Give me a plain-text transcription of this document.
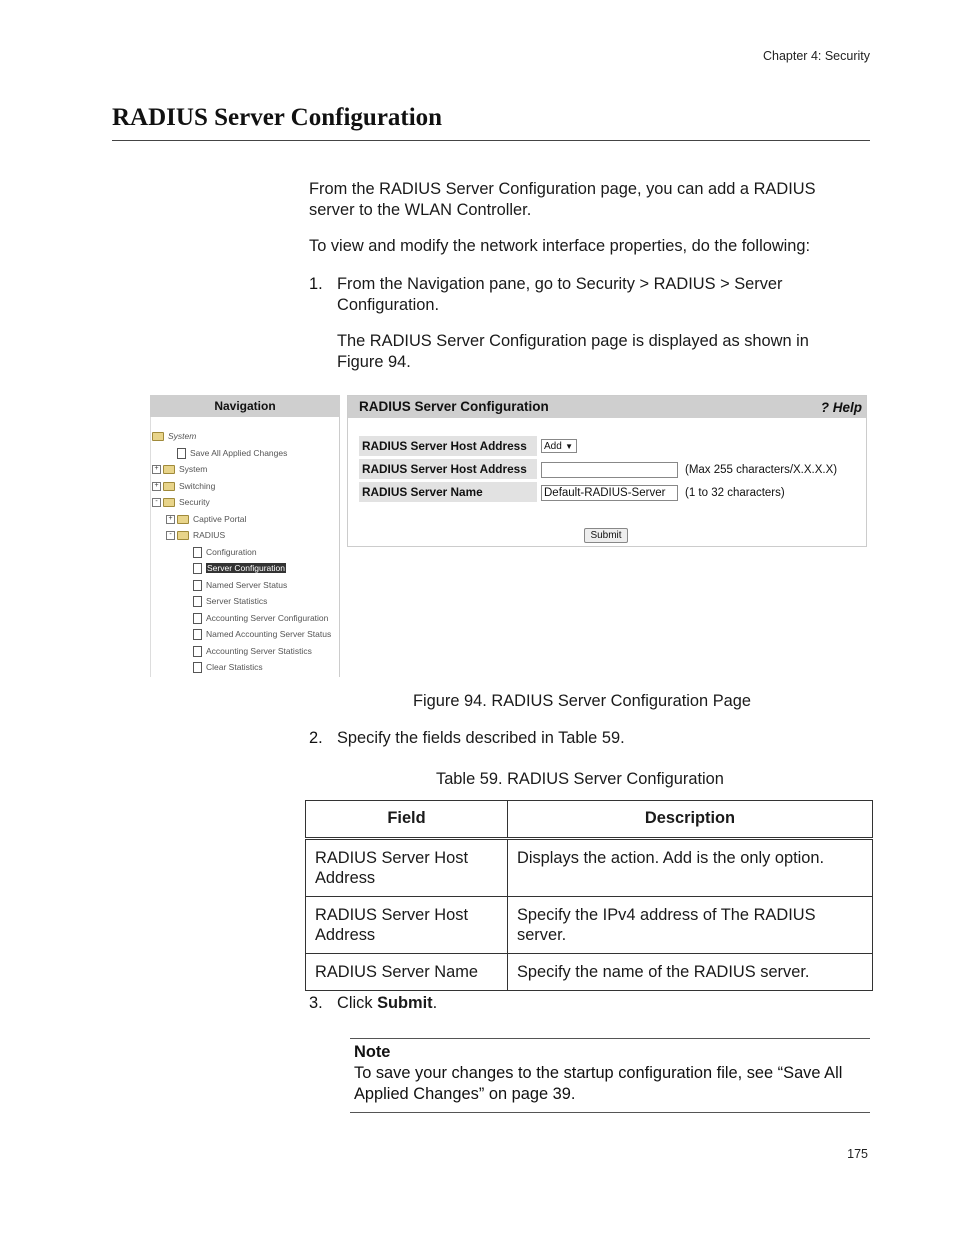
Chapter 4: Security
RADIUS Server Configuration
From the RADIUS Server Configuration page, you can add a RADIUS server to the WLAN Controller.
To view and modify the network interface properties, do the following:
1. From the Navigation pane, go to Security > RADIUS > Server Configuration.
The RADIUS Server Configuration page is displayed as shown in Figure 94.
Navigation
System
Save All Applied Changes
+ System
+ Switching
-	Security
+ Captive Portal
-	RADIUS
Configuration
Server Configuration
Named Server Status
Server Statistics
Accounting Server Configuration
Named Accounting Server Status
Accounting Server Statistics
Clear Statistics
RADIUS Server Configuration	? Help
RADIUS Server Host Address	Add ▼
RADIUS Server Host Address	(Max 255 characters/X.X.X.X)
RADIUS Server Name	Default-RADIUS-Server	(1 to 32 characters)
Submit
Figure 94. RADIUS Server Configuration Page
2. Specify the fields described in Table 59.
Table 59. RADIUS Server Configuration
Field	Description
RADIUS Server Host Address	Displays the action. Add is the only option.
RADIUS Server Host Address	Specify the IPv4 address of The RADIUS server.
RADIUS Server Name	Specify the name of the RADIUS server.
3. Click Submit.
Note
To save your changes to the startup configuration file, see “Save All Applied Changes” on page 39.
175
